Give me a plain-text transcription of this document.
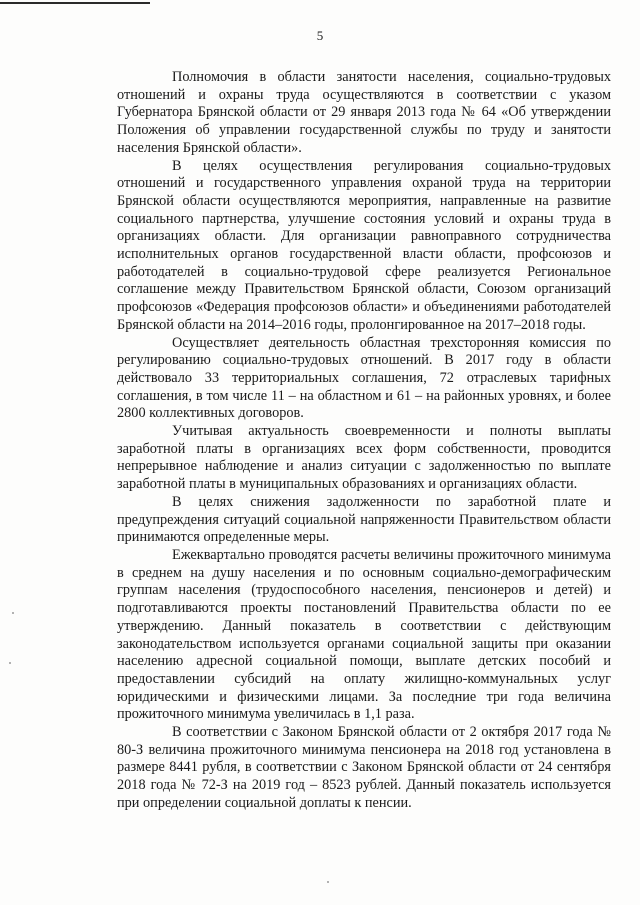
5

Полномочия в области занятости населения, социально-трудовых отношений и охраны труда осуществляются в соответствии с указом Губернатора Брянской области от 29 января 2013 года № 64 «Об утверждении Положения об управлении государственной службы по труду и занятости населения Брянской области».

В целях осуществления регулирования социально-трудовых отношений и государственного управления охраной труда на территории Брянской области осуществляются мероприятия, направленные на развитие социального партнерства, улучшение состояния условий и охраны труда в организациях области. Для организации равноправного сотрудничества исполнительных органов государственной власти области, профсоюзов и работодателей в социально-трудовой сфере реализуется Региональное соглашение между Правительством Брянской области, Союзом организаций профсоюзов «Федерация профсоюзов области» и объединениями работодателей Брянской области на 2014–2016 годы, пролонгированное на 2017–2018 годы.

Осуществляет деятельность областная трехсторонняя комиссия по регулированию социально-трудовых отношений. В 2017 году в области действовало 33 территориальных соглашения, 72 отраслевых тарифных соглашения, в том числе 11 – на областном и 61 – на районных уровнях, и более 2800 коллективных договоров.

Учитывая актуальность своевременности и полноты выплаты заработной платы в организациях всех форм собственности, проводится непрерывное наблюдение и анализ ситуации с задолженностью по выплате заработной платы в муниципальных образованиях и организациях области.

В целях снижения задолженности по заработной плате и предупреждения ситуаций социальной напряженности Правительством области принимаются определенные меры.

Ежеквартально проводятся расчеты величины прожиточного минимума в среднем на душу населения и по основным социально-демографическим группам населения (трудоспособного населения, пенсионеров и детей) и подготавливаются проекты постановлений Правительства области по ее утверждению. Данный показатель в соответствии с действующим законодательством используется органами социальной защиты при оказании населению адресной социальной помощи, выплате детских пособий и предоставлении субсидий на оплату жилищно-коммунальных услуг юридическими и физическими лицами. За последние три года величина прожиточного минимума увеличилась в 1,1 раза.

В соответствии с Законом Брянской области от 2 октября 2017 года № 80-З величина прожиточного минимума пенсионера на 2018 год установлена в размере 8441 рубля, в соответствии с Законом Брянской области от 24 сентября 2018 года № 72-З на 2019 год – 8523 рублей. Данный показатель используется при определении социальной доплаты к пенсии.
